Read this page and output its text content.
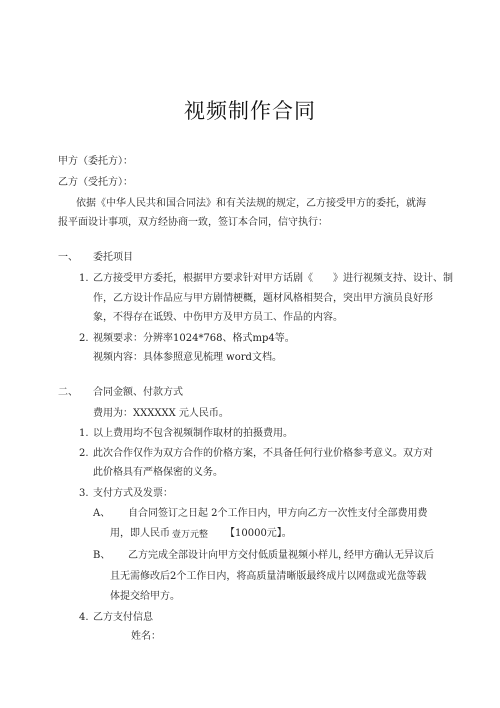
视频制作合同
甲方（委托方）：
乙方（受托方）：
依据《中华人民共和国合同法》和有关法规的规定，乙方接受甲方的委托，就海
报平面设计事项，双方经协商一致，签订本合同，信守执行：
一、 委托项目
1. 乙方接受甲方委托，根据甲方要求针对甲方话剧《　　》进行视频支持、设计、制
作，乙方设计作品应与甲方剧情梗概，题材风格相契合，突出甲方演员良好形
象，不得存在诋毁、中伤甲方及甲方员工、作品的内容。
2. 视频要求：分辨率1024*768、格式mp4等。
视频内容：具体参照意见梳理 word文档。
二、 合同金额、付款方式
费用为：XXXXXX 元人民币。
1. 以上费用均不包含视频制作取材的拍摄费用。
2. 此次合作仅作为双方合作的价格方案，不具备任何行业价格参考意义。双方对
此价格具有严格保密的义务。
3. 支付方式及发票：
A、 自合同签订之日起 2个工作日内，甲方向乙方一次性支付全部费用费
用，即人民币 壹万元整 【10000元】。
B、 乙方完成全部设计向甲方交付低质量视频小样儿，
经甲方确认无异议后
且无需修改后2个工作日内，将高质量清晰版最终成片以网盘或光盘等载
体提交给甲方。
4. 乙方支付信息
姓名：
